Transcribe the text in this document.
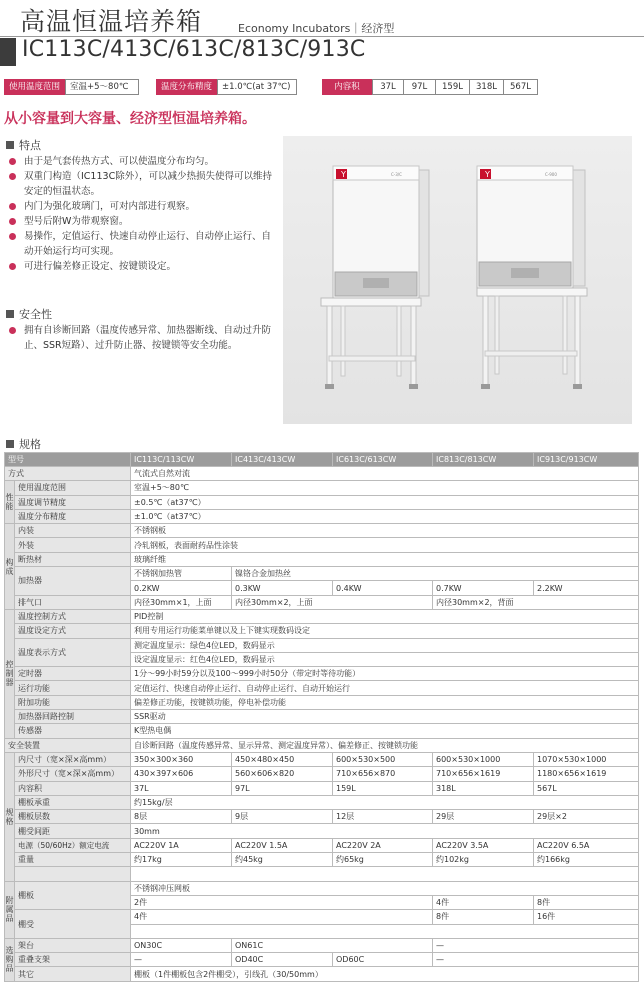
高温恒温培养箱	Economy Incubators｜经济型
IC113C/413C/613C/813C/913C
使用温度范围	室温+5～80℃	温度分布精度	±1.0℃(at 37℃)	内容积	37L	97L	159L	318L	567L
从小容量到大容量、经济型恒温培养箱。
特点
由于是气套传热方式、可以使温度分布均匀。
双重门构造（IC113C除外），可以减少热损失使得可以维持安定的恒温状态。
内门为强化玻璃门，可对内部进行观察。
型号后附W为带观察窗。
易操作，定值运行、快速自动停止运行、自动停止运行、自动开始运行均可实现。
可进行偏差修正设定、按键锁设定。
安全性
拥有自诊断回路（温度传感异常、加热器断线、自动过升防止、SSR短路）、过升防止器、按键锁等安全功能。
Y	Y
C-3/C	C-900
规格
型号		IC113C/113CW	IC413C/413CW	IC613C/613CW	IC813C/813CW	IC913C/913CW
方式		气流式自然对流				
性能	使用温度范围	室温+5～80℃				
	温度调节精度	±0.5℃（at37℃）				
	温度分布精度	±1.0℃（at37℃）				
构成	内装	不锈钢板				
	外装	冷轧钢板，表面耐药品性涂装				
	断热材	玻璃纤维				
	加热器	不锈钢加热管	镍铬合金加热丝			
		0.2KW	0.3KW	0.4KW	0.7KW	2.2KW
	排气口	内径30mm×1，上面	内径30mm×2，上面		内径30mm×2，背面	
控制器	温度控制方式	PID控制				
	温度设定方式	利用专用运行功能菜单键以及上下键实现数码设定				
	温度表示方式	测定温度显示：绿色4位LED，数码显示				
		设定温度显示：红色4位LED，数码显示				
	定时器	1分～99小时59分以及100～999小时50分（带定时等待功能）				
	运行功能	定值运行、快速自动停止运行、自动停止运行、自动开始运行				
	附加功能	偏差修正功能，按键锁功能，停电补偿功能				
	加热器回路控制	SSR驱动				
	传感器	K型热电偶				
安全装置		自诊断回路（温度传感异常、显示异常、测定温度异常）、偏差修正、按键锁功能				
规格	内尺寸（宽×深×高mm）	350×300×360	450×480×450	600×530×500	600×530×1000	1070×530×1000
	外形尺寸（宽×深×高mm）	430×397×606	560×606×820	710×656×870	710×656×1619	1180×656×1619
	内容积	37L	97L	159L	318L	567L
	棚板承重	约15kg/层				
	棚板层数	8层	9层	12层	29层	29层×2
	棚受间距	30mm				
	电源（50/60Hz）额定电流	AC220V 1A	AC220V 1.5A	AC220V 2A	AC220V 3.5A	AC220V 6.5A
	重量	约17kg	约45kg	约65kg	约102kg	约166kg

附属品	棚板	不锈钢冲压网板				
		2件			4件	8件
	棚受	4件			8件	16件

选购品	架台	ON30C	ON61C		—	
	重叠支架	—	OD40C	OD60C	—	
	其它	棚板（1件棚板包含2件棚受），引线孔（30/50mm）				
